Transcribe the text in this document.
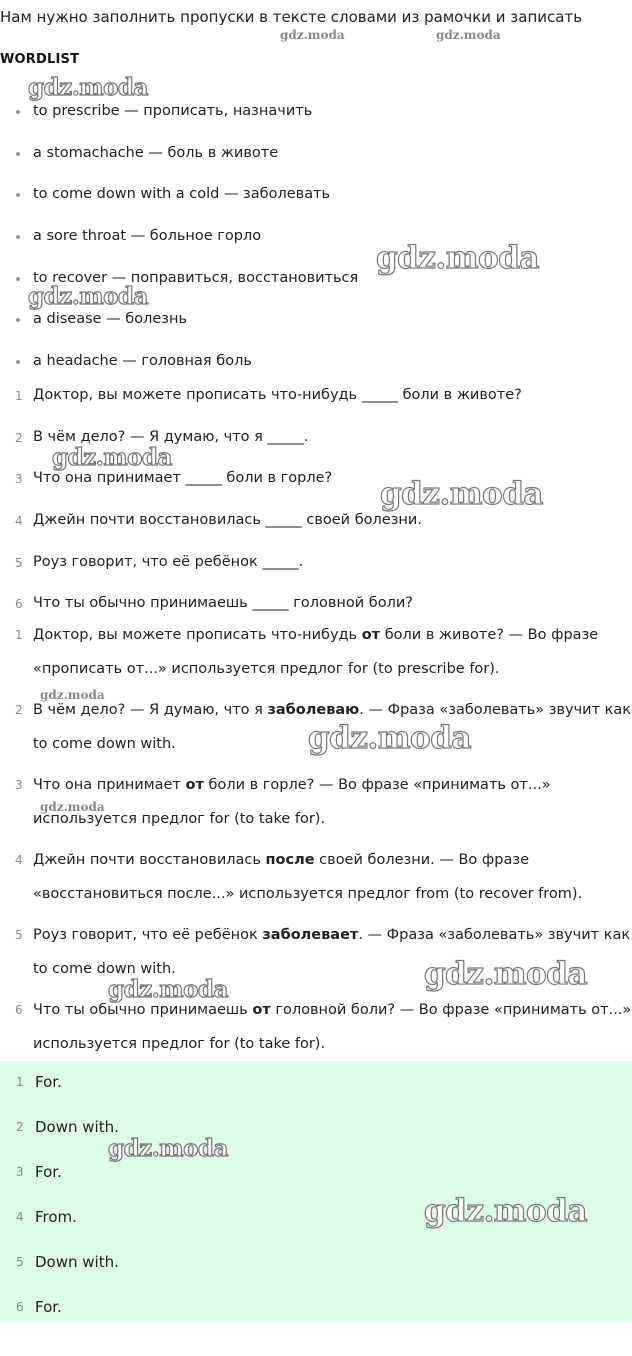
Нам нужно заполнить пропуски в тексте словами из рамочки и записать
WORDLIST
to prescribe — прописать, назначить
a stomachache — боль в животе
to come down with a cold — заболевать
a sore throat — больное горло
to recover — поправиться, восстановиться
a disease — болезнь
a headache — головная боль
1 Доктор, вы можете прописать что-нибудь _____ боли в животе?
2 В чём дело? — Я думаю, что я _____.
3 Что она принимает _____ боли в горле?
4 Джейн почти восстановилась _____ своей болезни.
5 Роуз говорит, что её ребёнок _____.
6 Что ты обычно принимаешь _____ головной боли?
1 Доктор, вы можете прописать что-нибудь от боли в животе? — Во фразе «прописать от...» используется предлог for (to prescribe for).
2 В чём дело? — Я думаю, что я заболеваю. — Фраза «заболевать» звучит как to come down with.
3 Что она принимает от боли в горле? — Во фразе «принимать от...» используется предлог for (to take for).
4 Джейн почти восстановилась после своей болезни. — Во фразе «восстановиться после...» используется предлог from (to recover from).
5 Роуз говорит, что её ребёнок заболевает. — Фраза «заболевать» звучит как to come down with.
6 Что ты обычно принимаешь от головной боли? — Во фразе «принимать от...» используется предлог for (to take for).
1 For.
2 Down with.
3 For.
4 From.
5 Down with.
6 For.
gdz.moda	gdz.moda
gdz.moda
gdz.moda
gdz.moda
gdz.moda
gdz.moda
gdz.moda
gdz.moda
gdz.moda
gdz.moda
gdz.moda
gdz.moda
gdz.moda
